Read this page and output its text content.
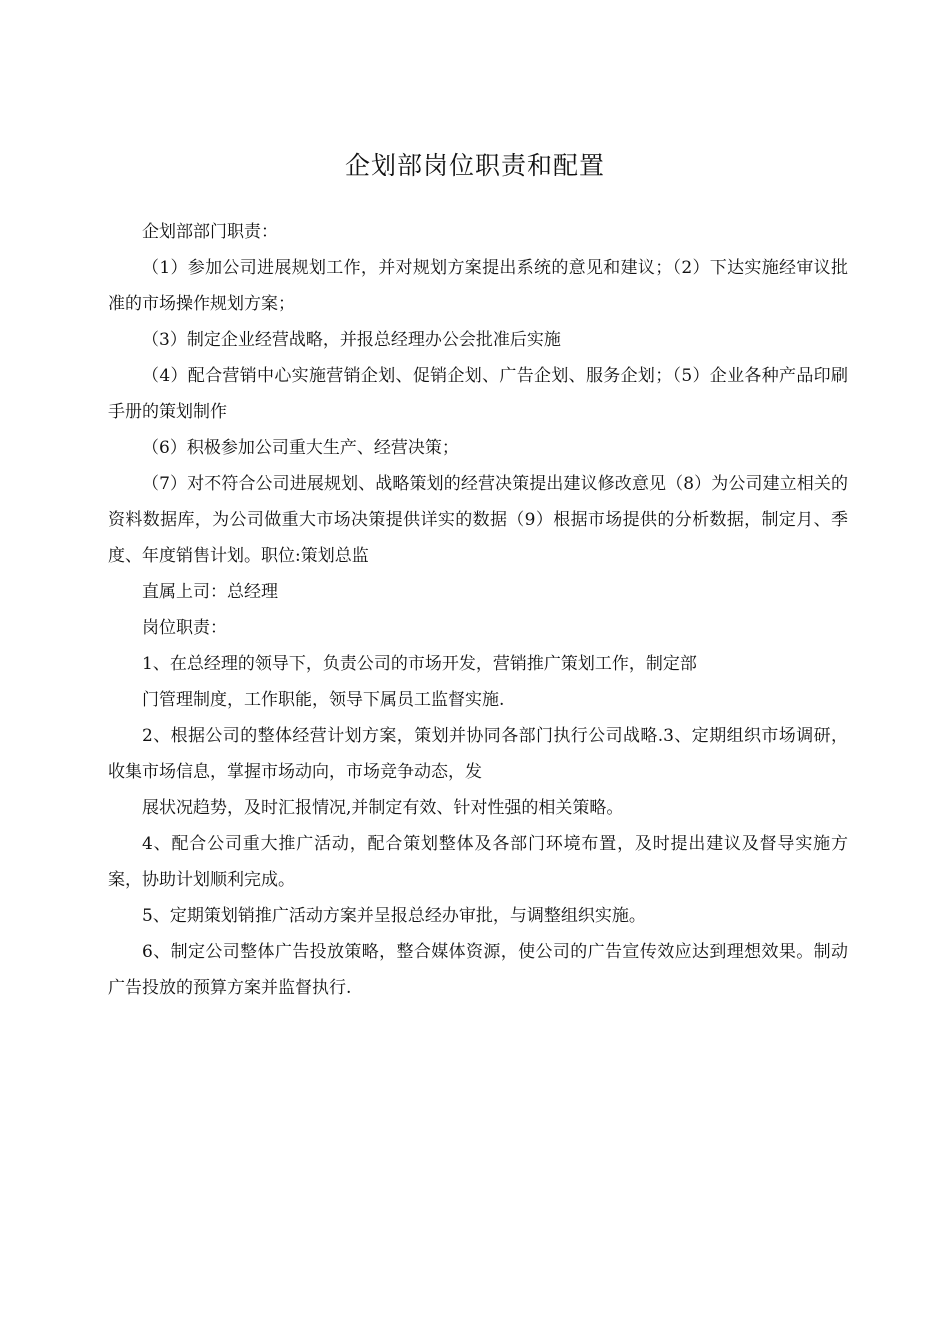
企划部岗位职责和配置

企划部部门职责：

（1）参加公司进展规划工作，并对规划方案提出系统的意见和建议；（2）下达实施经审议批准的市场操作规划方案；

（3）制定企业经营战略，并报总经理办公会批准后实施

（4）配合营销中心实施营销企划、促销企划、广告企划、服务企划；（5）企业各种产品印刷手册的策划制作

（6）积极参加公司重大生产、经营决策；

（7）对不符合公司进展规划、战略策划的经营决策提出建议修改意见（8）为公司建立相关的资料数据库，为公司做重大市场决策提供详实的数据（9）根据市场提供的分析数据，制定月、季度、年度销售计划。职位:策划总监

直属上司：总经理

岗位职责：

1、在总经理的领导下，负责公司的市场开发，营销推广策划工作，制定部

门管理制度，工作职能，领导下属员工监督实施.

2、根据公司的整体经营计划方案，策划并协同各部门执行公司战略.3、定期组织市场调研，收集市场信息，掌握市场动向，市场竞争动态，发

展状况趋势，及时汇报情况,并制定有效、针对性强的相关策略。

4、配合公司重大推广活动，配合策划整体及各部门环境布置，及时提出建议及督导实施方案，协助计划顺利完成。

5、定期策划销推广活动方案并呈报总经办审批，与调整组织实施。

6、制定公司整体广告投放策略，整合媒体资源，使公司的广告宣传效应达到理想效果。制动广告投放的预算方案并监督执行.
